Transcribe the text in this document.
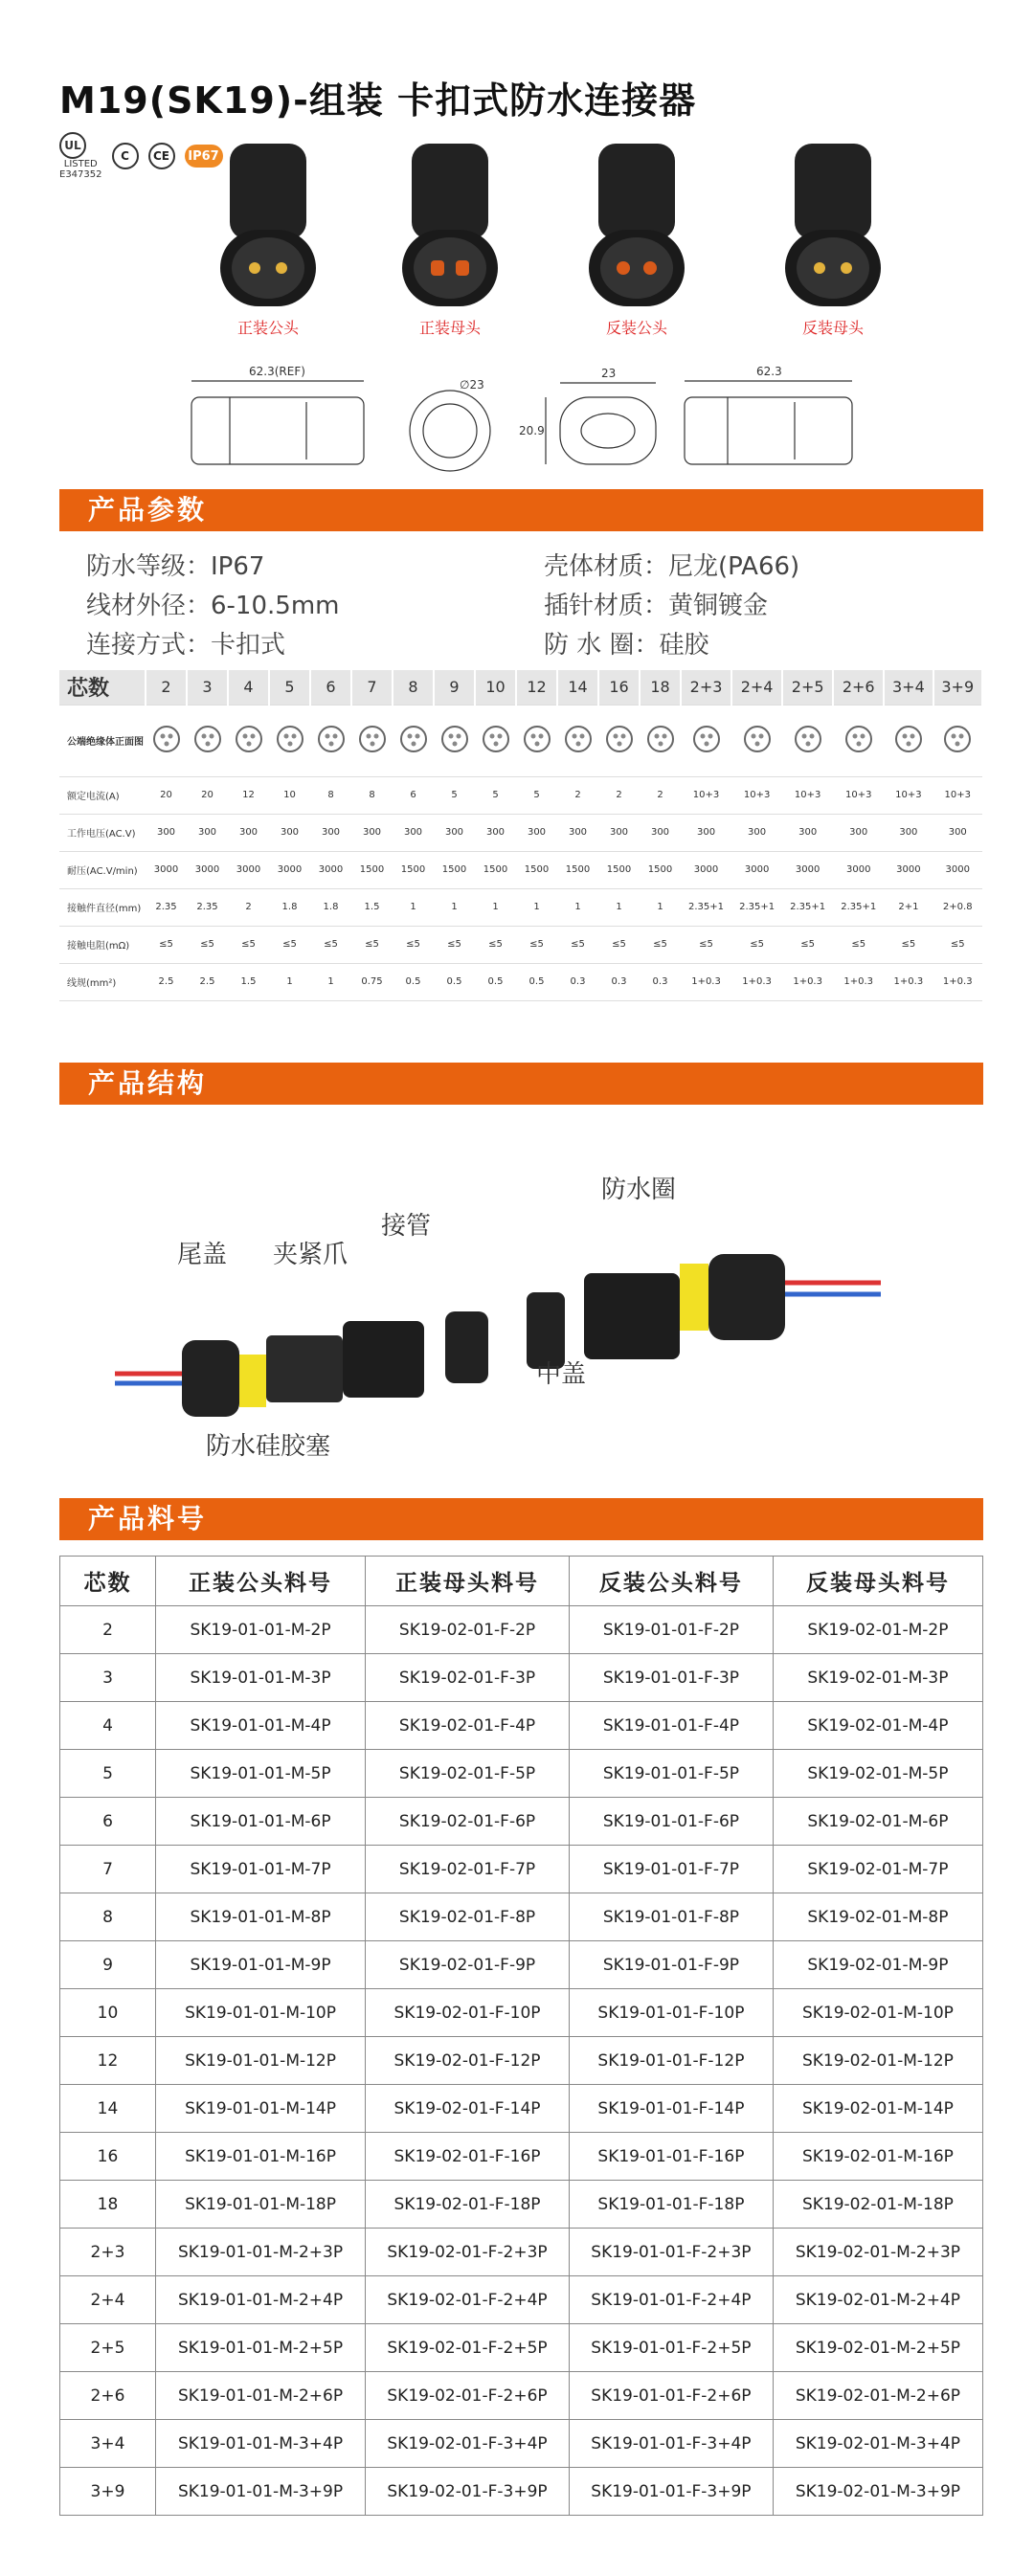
M19(SK19)-组装 卡扣式防水连接器
UL
LISTED
E347352
C	CE	IP67
正装公头	正装母头	反装公头	反装母头
62.3(REF)
∅23
23
20.9
62.3
产品参数
防水等级：IP67
线材外径：6-10.5mm
连接方式：卡扣式
壳体材质：尼龙(PA66)
插针材质：黄铜镀金
防 水 圈：硅胶
芯数	2	3	4	5	6	7	8	9	10	12	14	16	18	2+3	2+4	2+5	2+6	3+4	3+9
公端绝缘体正面图																			
额定电流(A)	20	20	12	10	8	8	6	5	5	5	2	2	2	10+3	10+3	10+3	10+3	10+3	10+3
工作电压(AC.V)	300	300	300	300	300	300	300	300	300	300	300	300	300	300	300	300	300	300	300
耐压(AC.V/min)	3000	3000	3000	3000	3000	1500	1500	1500	1500	1500	1500	1500	1500	3000	3000	3000	3000	3000	3000
接触件直径(mm)	2.35	2.35	2	1.8	1.8	1.5	1	1	1	1	1	1	1	2.35+1	2.35+1	2.35+1	2.35+1	2+1	2+0.8
接触电阻(mΩ)	≤5	≤5	≤5	≤5	≤5	≤5	≤5	≤5	≤5	≤5	≤5	≤5	≤5	≤5	≤5	≤5	≤5	≤5	≤5
线规(mm²)	2.5	2.5	1.5	1	1	0.75	0.5	0.5	0.5	0.5	0.3	0.3	0.3	1+0.3	1+0.3	1+0.3	1+0.3	1+0.3	1+0.3
产品结构
尾盖 夹紧爪
接管
防水圈
中盖
防水硅胶塞
产品料号
芯数	正装公头料号	正装母头料号	反装公头料号	反装母头料号
2	SK19-01-01-M-2P	SK19-02-01-F-2P	SK19-01-01-F-2P	SK19-02-01-M-2P
3	SK19-01-01-M-3P	SK19-02-01-F-3P	SK19-01-01-F-3P	SK19-02-01-M-3P
4	SK19-01-01-M-4P	SK19-02-01-F-4P	SK19-01-01-F-4P	SK19-02-01-M-4P
5	SK19-01-01-M-5P	SK19-02-01-F-5P	SK19-01-01-F-5P	SK19-02-01-M-5P
6	SK19-01-01-M-6P	SK19-02-01-F-6P	SK19-01-01-F-6P	SK19-02-01-M-6P
7	SK19-01-01-M-7P	SK19-02-01-F-7P	SK19-01-01-F-7P	SK19-02-01-M-7P
8	SK19-01-01-M-8P	SK19-02-01-F-8P	SK19-01-01-F-8P	SK19-02-01-M-8P
9	SK19-01-01-M-9P	SK19-02-01-F-9P	SK19-01-01-F-9P	SK19-02-01-M-9P
10	SK19-01-01-M-10P	SK19-02-01-F-10P	SK19-01-01-F-10P	SK19-02-01-M-10P
12	SK19-01-01-M-12P	SK19-02-01-F-12P	SK19-01-01-F-12P	SK19-02-01-M-12P
14	SK19-01-01-M-14P	SK19-02-01-F-14P	SK19-01-01-F-14P	SK19-02-01-M-14P
16	SK19-01-01-M-16P	SK19-02-01-F-16P	SK19-01-01-F-16P	SK19-02-01-M-16P
18	SK19-01-01-M-18P	SK19-02-01-F-18P	SK19-01-01-F-18P	SK19-02-01-M-18P
2+3	SK19-01-01-M-2+3P	SK19-02-01-F-2+3P	SK19-01-01-F-2+3P	SK19-02-01-M-2+3P
2+4	SK19-01-01-M-2+4P	SK19-02-01-F-2+4P	SK19-01-01-F-2+4P	SK19-02-01-M-2+4P
2+5	SK19-01-01-M-2+5P	SK19-02-01-F-2+5P	SK19-01-01-F-2+5P	SK19-02-01-M-2+5P
2+6	SK19-01-01-M-2+6P	SK19-02-01-F-2+6P	SK19-01-01-F-2+6P	SK19-02-01-M-2+6P
3+4	SK19-01-01-M-3+4P	SK19-02-01-F-3+4P	SK19-01-01-F-3+4P	SK19-02-01-M-3+4P
3+9	SK19-01-01-M-3+9P	SK19-02-01-F-3+9P	SK19-01-01-F-3+9P	SK19-02-01-M-3+9P
